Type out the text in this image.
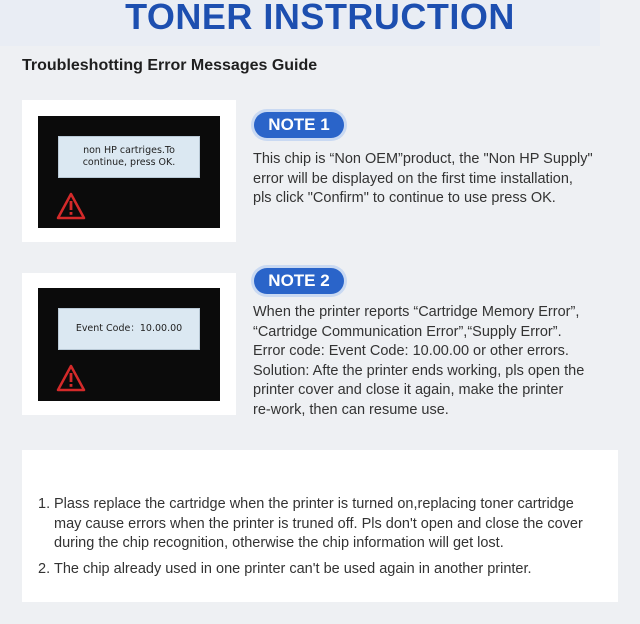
TONER INSTRUCTION
Troubleshotting Error Messages Guide
non HP cartriges.To continue, press OK.
NOTE 1

This chip is “Non OEM”product, the "Non HP Supply"

error will be displayed on the first time installation,

pls click "Confirm" to continue to use press OK.

Event Code：10.00.00
NOTE 2

When the printer reports “Cartridge Memory Error”,

“Cartridge Communication Error”,“Supply Error”.

Error code: Event Code: 10.00.00 or other errors.

Solution: Afte the printer ends working, pls open the

printer cover and close it again, make the printer

re-work, then can resume use.

1. Plass replace the cartridge when the printer is turned on,replacing toner cartridge
may cause errors when the printer is truned off. Pls don't open and close the cover
during the chip recognition, otherwise the chip information will get lost.
2. The chip already used in one printer can't be used again in another printer.
